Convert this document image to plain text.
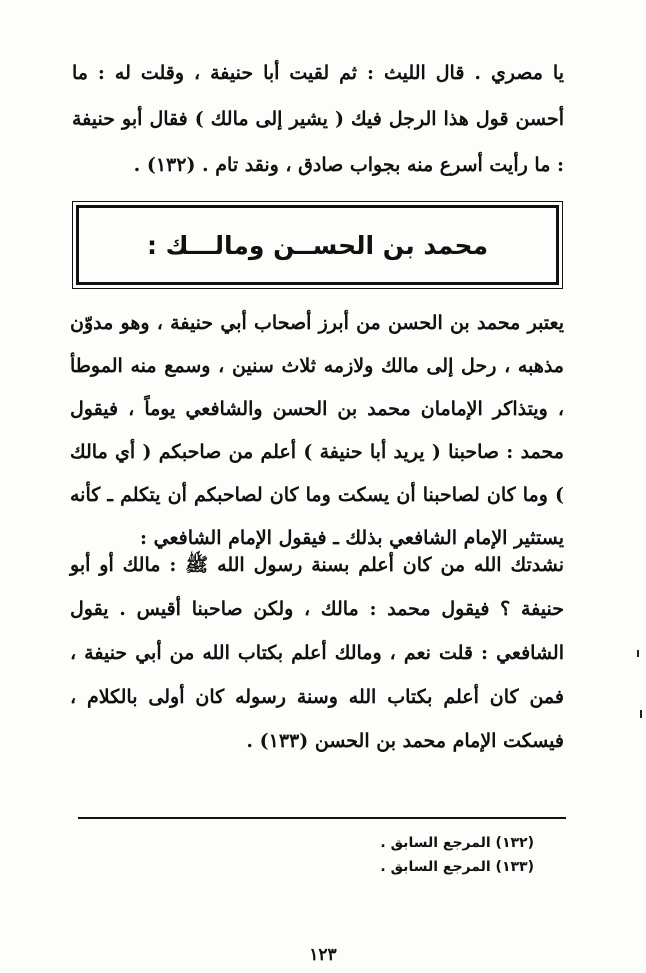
يا مصري . قال الليث : ثم لقيت أبا حنيفة ، وقلت له : ما أحسن قول هذا الرجل فيك ( يشير إلى مالك ) فقال أبو حنيفة : ما رأيت أسرع منه بجواب صادق ، ونقد تام . (١٣٢) .
محمد بن الحســن ومالـــك :
يعتبر محمد بن الحسن من أبرز أصحاب أبي حنيفة ، وهو مدوّن مذهبه ، رحل إلى مالك ولازمه ثلاث سنين ، وسمع منه الموطأ ، ويتذاكر الإمامان محمد بن الحسن والشافعي يوماً ، فيقول محمد : صاحبنا ( يريد أبا حنيفة ) أعلم من صاحبكم ( أي مالك ) وما كان لصاحبنا أن يسكت وما كان لصاحبكم أن يتكلم ـ كأنه يستثير الإمام الشافعي بذلك ـ فيقول الإمام الشافعي :
نشدتك الله من كان أعلم بسنة رسول الله ﷺ : مالك أو أبو حنيفة ؟ فيقول محمد : مالك ، ولكن صاحبنا أقيس . يقول الشافعي : قلت نعم ، ومالك أعلم بكتاب الله من أبي حنيفة ، فمن كان أعلم بكتاب الله وسنة رسوله كان أولى بالكلام ، فيسكت الإمام محمد بن الحسن (١٣٣) .
(١٣٢) المرجع السابق .
(١٣٣) المرجع السابق .
١٢٣
